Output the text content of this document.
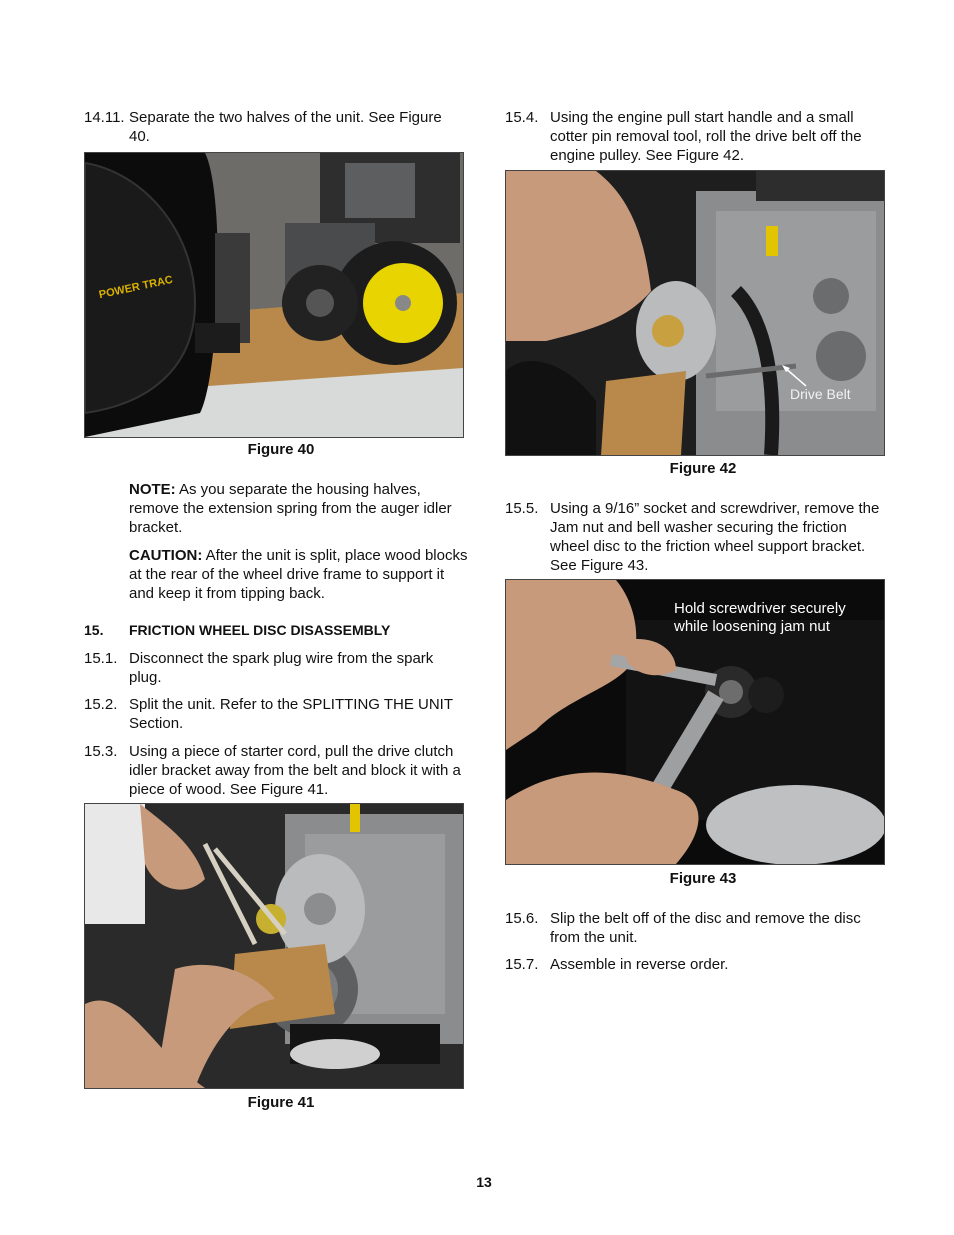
14.11. Separate the two halves of the unit. See Figure 40.
POWER TRAC
Figure 40
NOTE: As you separate the housing halves, remove the extension spring from the auger idler bracket.
CAUTION: After the unit is split, place wood blocks at the rear of the wheel drive frame to support it and keep it from tipping back.
15. FRICTION WHEEL DISC DISASSEMBLY
15.1. Disconnect the spark plug wire from the spark plug.
15.2. Split the unit. Refer to the SPLITTING THE UNIT Section.
15.3. Using a piece of starter cord, pull the drive clutch idler bracket away from the belt and block it with a piece of wood. See Figure 41.
Figure 41
15.4. Using the engine pull start handle and a small cotter pin removal tool, roll the drive belt off the engine pulley. See Figure 42.
Drive Belt
Figure 42
15.5. Using a 9/16” socket and screwdriver, remove the Jam nut and bell washer securing the friction wheel disc to the friction wheel support bracket. See Figure 43.
Hold screwdriver securely while loosening jam nut
Figure 43
15.6. Slip the belt off of the disc and remove the disc from the unit.
15.7. Assemble in reverse order.
13
